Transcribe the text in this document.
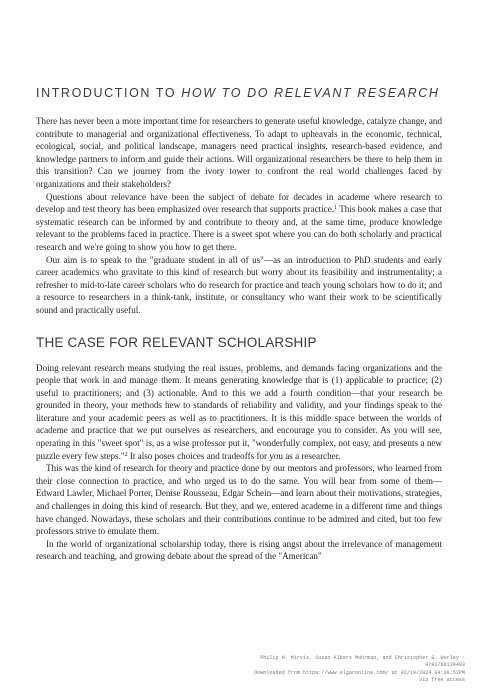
INTRODUCTION TO HOW TO DO RELEVANT RESEARCH

There has never been a more important time for researchers to generate useful knowledge, catalyze change, and contribute to managerial and organizational effectiveness. To adapt to upheavals in the economic, technical, ecological, social, and political landscape, managers need practical insights, research-based evidence, and knowledge partners to inform and guide their actions. Will organizational researchers be there to help them in this transition? Can we journey from the ivory tower to confront the real world challenges faced by organizations and their stakeholders?

Questions about relevance have been the subject of debate for decades in academe where research to develop and test theory has been emphasized over research that supports practice.$^1$ This book makes a case that systematic research can be informed by and contribute to theory and, at the same time, produce knowledge relevant to the problems faced in practice. There is a sweet spot where you can do both scholarly and practical research and we're going to show you how to get there.

Our aim is to speak to the "graduate student in all of us"—as an introduction to PhD students and early career academics who gravitate to this kind of research but worry about its feasibility and instrumentality; a refresher to mid-to-late career scholars who do research for practice and teach young scholars how to do it; and a resource to researchers in a think-tank, institute, or consultancy who want their work to be scientifically sound and practically useful.

THE CASE FOR RELEVANT SCHOLARSHIP

Doing relevant research means studying the real issues, problems, and demands facing organizations and the people that work in and manage them. It means generating knowledge that is (1) applicable to practice; (2) useful to practitioners; and (3) actionable. And to this we add a fourth condition—that your research be grounded in theory, your methods hew to standards of reliability and validity, and your findings speak to the literature and your academic peers as well as to practitioners. It is this middle space between the worlds of academe and practice that we put ourselves as researchers, and encourage you to consider. As you will see, operating in this "sweet spot" is, as a wise professor put it, "wonderfully complex, not easy, and presents a new puzzle every few steps."$^2$ It also poses choices and tradeoffs for you as a researcher.

This was the kind of research for theory and practice done by our mentors and professors, who learned from their close connection to practice, and who urged us to do the same. You will hear from some of them—Edward Lawler, Michael Porter, Denise Rousseau, Edgar Schein—and learn about their motivations, strategies, and challenges in doing this kind of research. But they, and we, entered academe in a different time and things have changed. Nowadays, these scholars and their contributions continue to be admired and cited, but too few professors strive to emulate them.

In the world of organizational scholarship today, there is rising angst about the irrelevance of management research and teaching, and growing debate about the spread of the "American"

Philip H. Mirvis, Susan Albers Mohrman, and Christopher G. Worley -
9781788139403
Downloaded from https://www.elgaronline.com/ at 02/18/2024 04:39:52PM
via free access
